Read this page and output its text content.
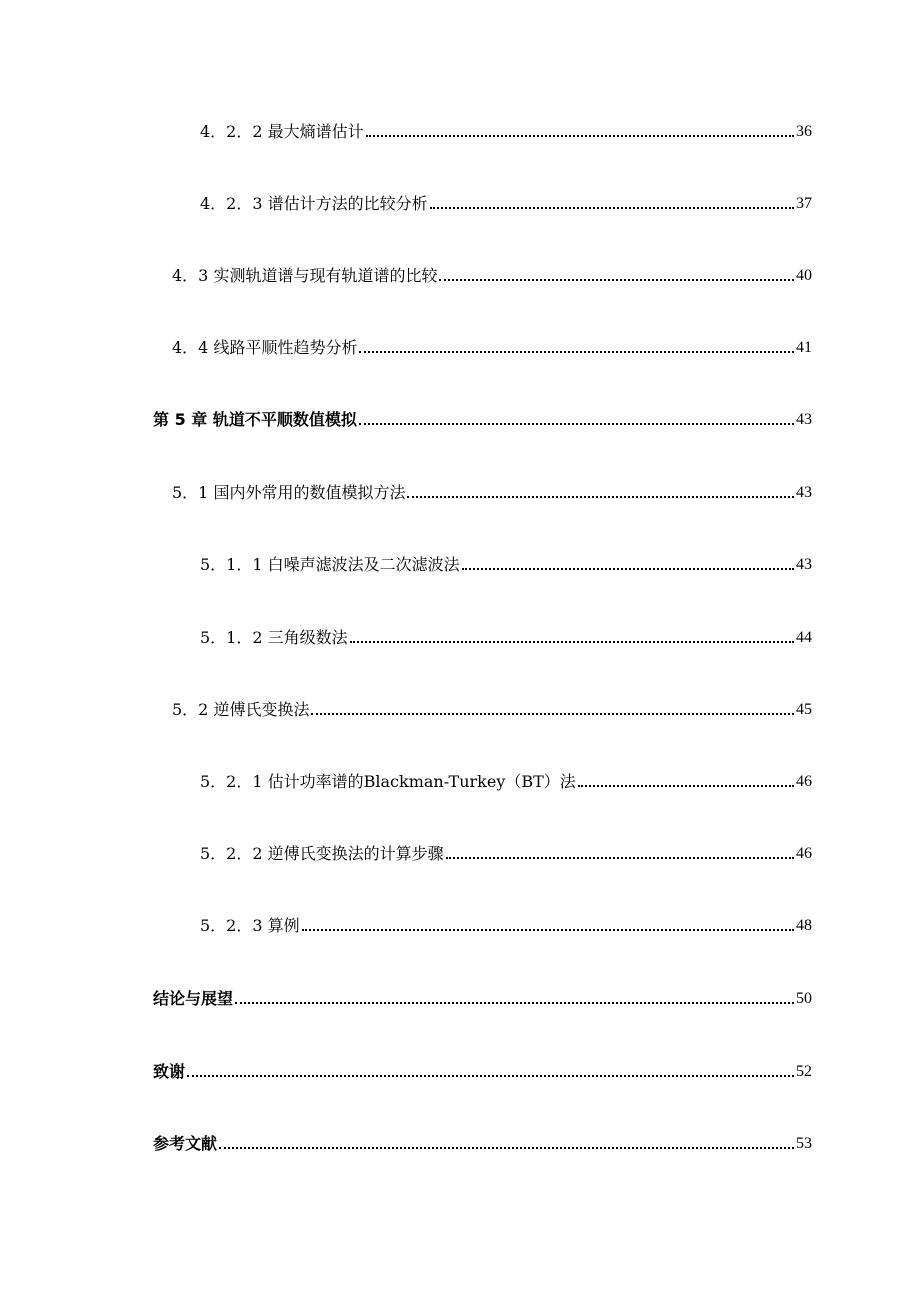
4．2．2 最大熵谱估计	36
4．2．3 谱估计方法的比较分析	37
4．3 实测轨道谱与现有轨道谱的比较	40
4．4 线路平顺性趋势分析	41
第 5 章 轨道不平顺数值模拟	43
5．1 国内外常用的数值模拟方法	43
5．1．1 白噪声滤波法及二次滤波法	43
5．1．2 三角级数法	44
5．2 逆傅氏变换法	45
5．2．1 估计功率谱的Blackman-Turkey（BT）法	46
5．2．2 逆傅氏变换法的计算步骤	46
5．2．3 算例	48
结论与展望	50
致谢	52
参考文献	53
